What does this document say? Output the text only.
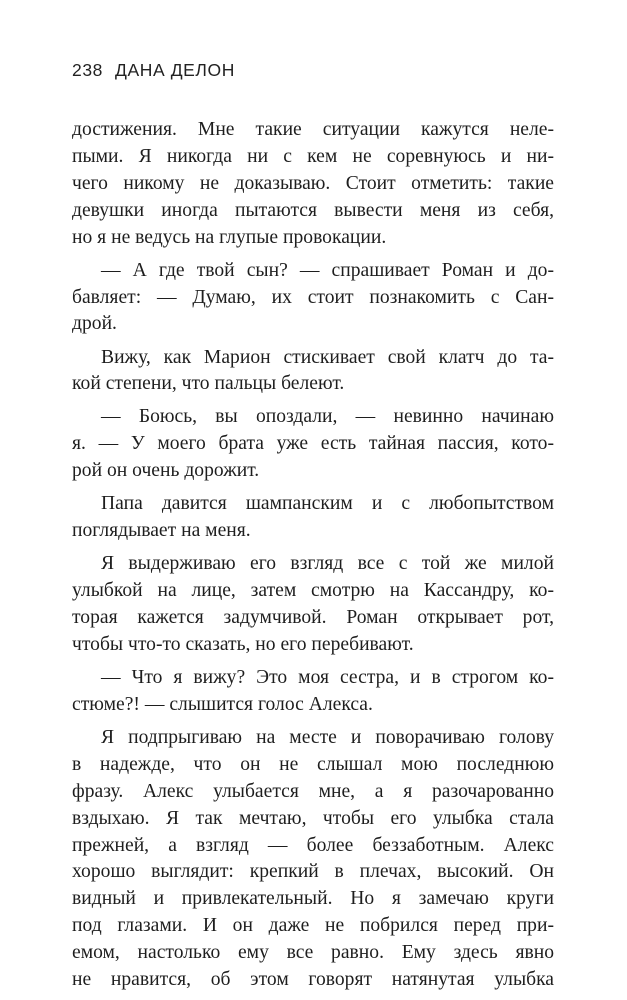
238 ДАНА ДЕЛОН

достижения. Мне такие ситуации кажутся неле-
пыми. Я никогда ни с кем не соревнуюсь и ни-
чего никому не доказываю. Стоит отметить: такие
девушки иногда пытаются вывести меня из себя,
но я не ведусь на глупые провокации.

— А где твой сын? — спрашивает Роман и до-
бавляет: — Думаю, их стоит познакомить с Сан-
дрой.

Вижу, как Марион стискивает свой клатч до та-
кой степени, что пальцы белеют.

— Боюсь, вы опоздали, — невинно начинаю
я. — У моего брата уже есть тайная пассия, кото-
рой он очень дорожит.

Папа давится шампанским и с любопытством
поглядывает на меня.

Я выдерживаю его взгляд все с той же милой
улыбкой на лице, затем смотрю на Кассандру, ко-
торая кажется задумчивой. Роман открывает рот,
чтобы что-то сказать, но его перебивают.

— Что я вижу? Это моя сестра, и в строгом ко-
стюме?! — слышится голос Алекса.

Я подпрыгиваю на месте и поворачиваю голову
в надежде, что он не слышал мою последнюю
фразу. Алекс улыбается мне, а я разочарованно
вздыхаю. Я так мечтаю, чтобы его улыбка стала
прежней, а взгляд — более беззаботным. Алекс
хорошо выглядит: крепкий в плечах, высокий. Он
видный и привлекательный. Но я замечаю круги
под глазами. И он даже не побрился перед при-
емом, настолько ему все равно. Ему здесь явно
не нравится, об этом говорят натянутая улыбка
